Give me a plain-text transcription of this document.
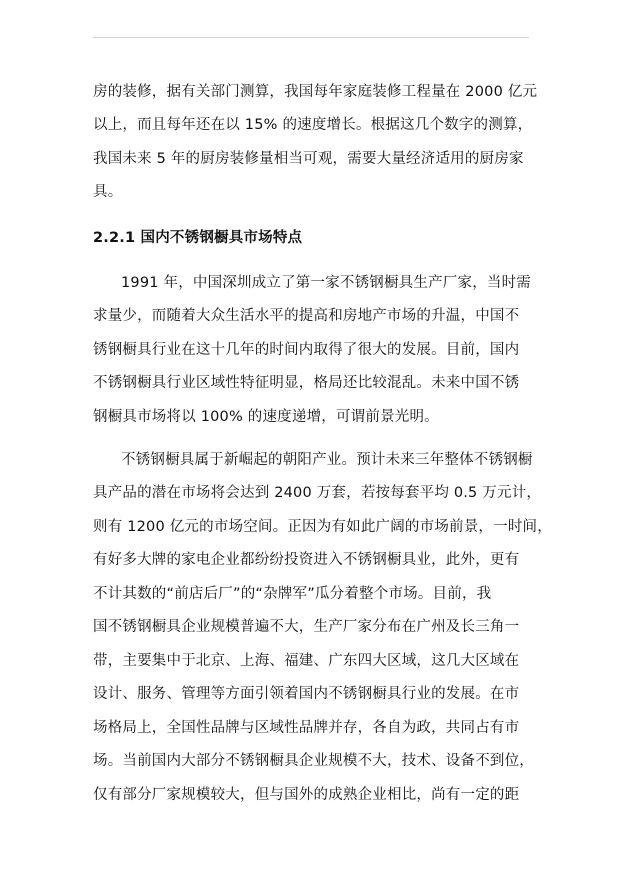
房的装修，据有关部门测算，我国每年家庭装修工程量在 2000 亿元
以上，而且每年还在以 15% 的速度增长。根据这几个数字的测算，
我国未来 5 年的厨房装修量相当可观，需要大量经济适用的厨房家
具。
2.2.1 国内不锈钢橱具市场特点
1991 年，中国深圳成立了第一家不锈钢橱具生产厂家，当时需
求量少，而随着大众生活水平的提高和房地产市场的升温，中国不
锈钢橱具行业在这十几年的时间内取得了很大的发展。目前，国内
不锈钢橱具行业区域性特征明显，格局还比较混乱。未来中国不锈
钢橱具市场将以 100% 的速度递增，可谓前景光明。
不锈钢橱具属于新崛起的朝阳产业。预计未来三年整体不锈钢橱
具产品的潜在市场将会达到 2400 万套，若按每套平均 0.5 万元计，
则有 1200 亿元的市场空间。正因为有如此广阔的市场前景，一时间，
有好多大牌的家电企业都纷纷投资进入不锈钢橱具业，此外，更有
不计其数的“前店后厂”的“杂牌军”瓜分着整个市场。目前，我
国不锈钢橱具企业规模普遍不大，生产厂家分布在广州及长三角一
带，主要集中于北京、上海、福建、广东四大区域，这几大区域在
设计、服务、管理等方面引领着国内不锈钢橱具行业的发展。在市
场格局上，全国性品牌与区域性品牌并存，各自为政，共同占有市
场。当前国内大部分不锈钢橱具企业规模不大，技术、设备不到位，
仅有部分厂家规模较大，但与国外的成熟企业相比，尚有一定的距
